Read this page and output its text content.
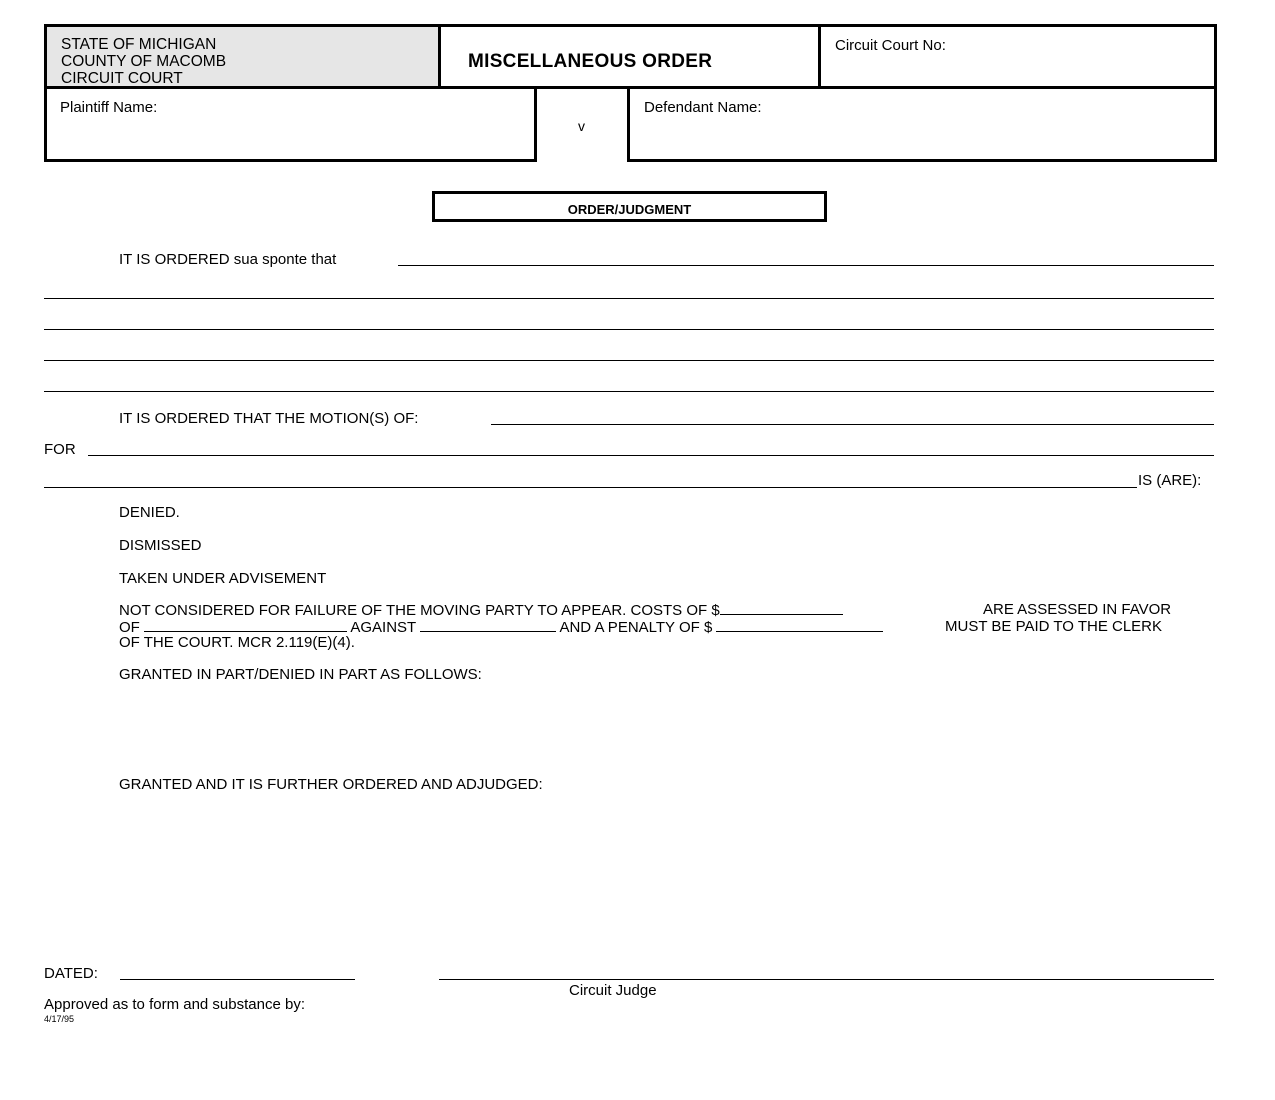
STATE OF MICHIGAN
COUNTY OF MACOMB
CIRCUIT COURT
MISCELLANEOUS ORDER
Circuit Court No:
Plaintiff Name:
v
Defendant Name:
ORDER/JUDGMENT
IT IS ORDERED sua sponte that
IT IS ORDERED THAT THE MOTION(S) OF:
FOR
IS (ARE):
DENIED.
DISMISSED
TAKEN UNDER ADVISEMENT
NOT CONSIDERED FOR FAILURE OF THE MOVING PARTY TO APPEAR. COSTS OF $	ARE ASSESSED IN FAVOR
OF	AGAINST	AND A PENALTY OF $	MUST BE PAID TO THE CLERK
OF THE COURT. MCR 2.119(E)(4).
GRANTED IN PART/DENIED IN PART AS FOLLOWS:
GRANTED AND IT IS FURTHER ORDERED AND ADJUDGED:
DATED:
Circuit Judge
Approved as to form and substance by:
4/17/95
